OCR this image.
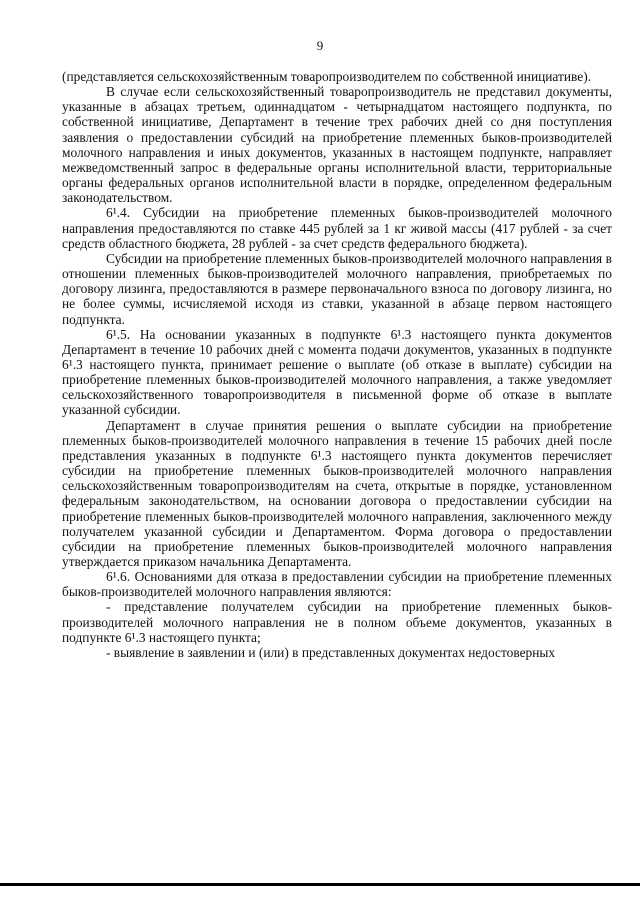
9

(представляется сельскохозяйственным товаропроизводителем по собственной инициативе).

В случае если сельскохозяйственный товаропроизводитель не представил документы, указанные в абзацах третьем, одиннадцатом - четырнадцатом настоящего подпункта, по собственной инициативе, Департамент в течение трех рабочих дней со дня поступления заявления о предоставлении субсидий на приобретение племенных быков-производителей молочного направления и иных документов, указанных в настоящем подпункте, направляет межведомственный запрос в федеральные органы исполнительной власти, территориальные органы федеральных органов исполнительной власти в порядке, определенном федеральным законодательством.

6¹.4. Субсидии на приобретение племенных быков-производителей молочного направления предоставляются по ставке 445 рублей за 1 кг живой массы (417 рублей - за счет средств областного бюджета, 28 рублей - за счет средств федерального бюджета).

Субсидии на приобретение племенных быков-производителей молочного направления в отношении племенных быков-производителей молочного направления, приобретаемых по договору лизинга, предоставляются в размере первоначального взноса по договору лизинга, но не более суммы, исчисляемой исходя из ставки, указанной в абзаце первом настоящего подпункта.

6¹.5. На основании указанных в подпункте 6¹.3 настоящего пункта документов Департамент в течение 10 рабочих дней с момента подачи документов, указанных в подпункте 6¹.3 настоящего пункта, принимает решение о выплате (об отказе в выплате) субсидии на приобретение племенных быков-производителей молочного направления, а также уведомляет сельскохозяйственного товаропроизводителя в письменной форме об отказе в выплате указанной субсидии.

Департамент в случае принятия решения о выплате субсидии на приобретение племенных быков-производителей молочного направления в течение 15 рабочих дней после представления указанных в подпункте 6¹.3 настоящего пункта документов перечисляет субсидии на приобретение племенных быков-производителей молочного направления сельскохозяйственным товаропроизводителям на счета, открытые в порядке, установленном федеральным законодательством, на основании договора о предоставлении субсидии на приобретение племенных быков-производителей молочного направления, заключенного между получателем указанной субсидии и Департаментом. Форма договора о предоставлении субсидии на приобретение племенных быков-производителей молочного направления утверждается приказом начальника Департамента.

6¹.6. Основаниями для отказа в предоставлении субсидии на приобретение племенных быков-производителей молочного направления являются:

- представление получателем субсидии на приобретение племенных быков-производителей молочного направления не в полном объеме документов, указанных в подпункте 6¹.3 настоящего пункта;

- выявление в заявлении и (или) в представленных документах недостоверных
